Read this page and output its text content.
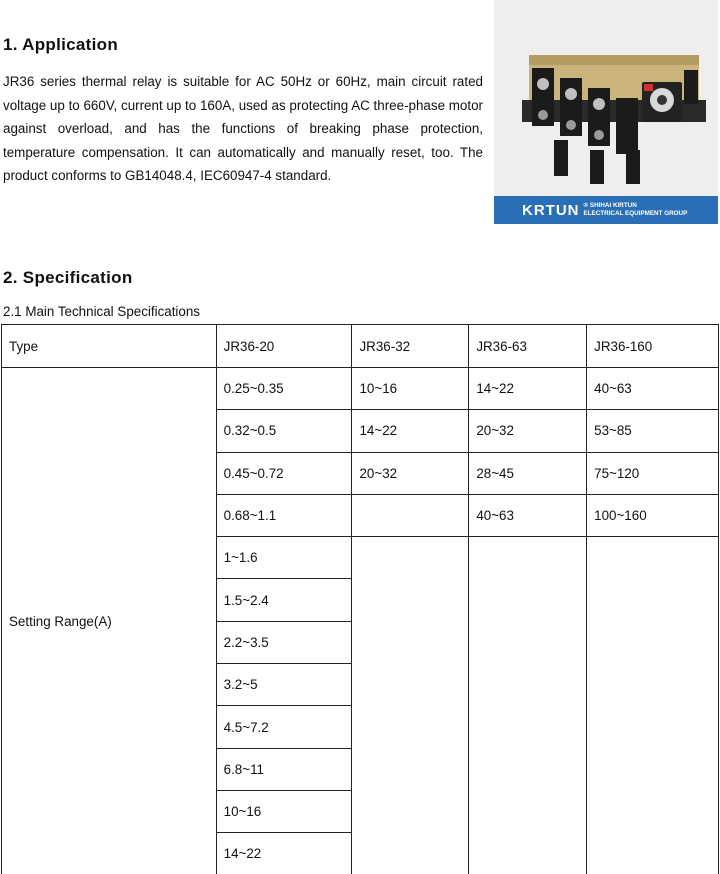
1. Application
JR36 series thermal relay is suitable for AC 50Hz or 60Hz, main circuit rated voltage up to 660V, current up to 160A, used as protecting AC three-phase motor against overload, and has the functions of breaking phase protection, temperature compensation. It can automatically and manually reset, too. The product conforms to GB14048.4, IEC60947-4 standard.
KRTUN ® SHIHAI KIRTUN
ELECTRICAL EQUIPMENT GROUP
2. Specification
2.1 Main Technical Specifications
Type	JR36-20	JR36-32	JR36-63	JR36-160
Setting Range(A)	0.25~0.35	10~16	14~22	40~63
	0.32~0.5	14~22	20~32	53~85
	0.45~0.72	20~32	28~45	75~120
	0.68~1.1		40~63	100~160
	1~1.6			
	1.5~2.4			
	2.2~3.5			
	3.2~5			
	4.5~7.2			
	6.8~11			
	10~16			
	14~22			
